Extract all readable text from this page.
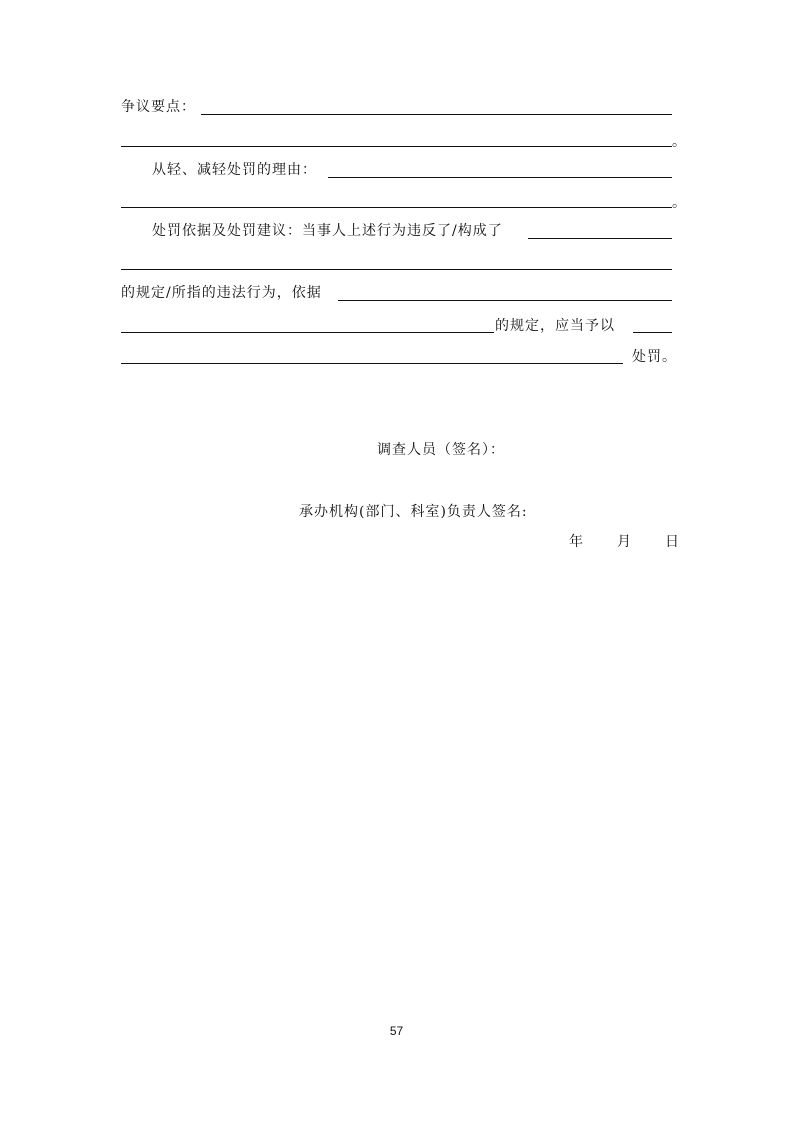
争议要点：
。
从轻、减轻处罚的理由：
。
处罚依据及处罚建议：当事人上述行为违反了/构成了
的规定/所指的违法行为，依据
的规定，应当予以
处罚。
调查人员（签名）：
承办机构(部门、科室)负责人签名:
年　　月　　日
57
